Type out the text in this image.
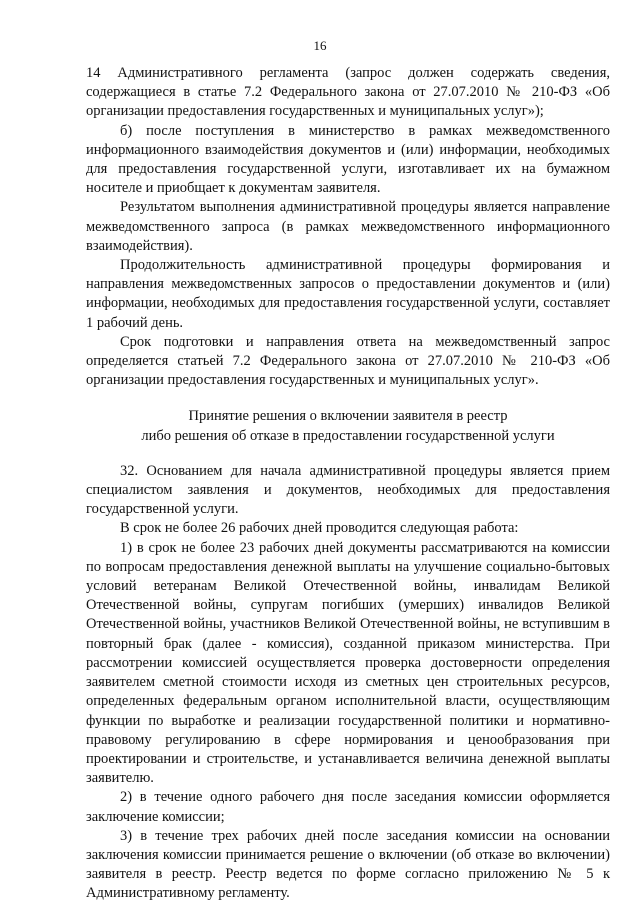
16

14 Административного регламента (запрос должен содержать сведения, содержащиеся в статье 7.2 Федерального закона от 27.07.2010 № 210-ФЗ «Об организации предоставления государственных и муниципальных услуг»);

б) после поступления в министерство в рамках межведомственного информационного взаимодействия документов и (или) информации, необходимых для предоставления государственной услуги, изготавливает их на бумажном носителе и приобщает к документам заявителя.

Результатом выполнения административной процедуры является направление межведомственного запроса (в рамках межведомственного информационного взаимодействия).

Продолжительность административной процедуры формирования и направления межведомственных запросов о предоставлении документов и (или) информации, необходимых для предоставления государственной услуги, составляет 1 рабочий день.

Срок подготовки и направления ответа на межведомственный запрос определяется статьей 7.2 Федерального закона от 27.07.2010 № 210-ФЗ «Об организации предоставления государственных и муниципальных услуг».

Принятие решения о включении заявителя в реестр

либо решения об отказе в предоставлении государственной услуги

32. Основанием для начала административной процедуры является прием специалистом заявления и документов, необходимых для предоставления государственной услуги.

В срок не более 26 рабочих дней проводится следующая работа:

1) в срок не более 23 рабочих дней документы рассматриваются на комиссии по вопросам предоставления денежной выплаты на улучшение социально-бытовых условий ветеранам Великой Отечественной войны, инвалидам Великой Отечественной войны, супругам погибших (умерших) инвалидов Великой Отечественной войны, участников Великой Отечественной войны, не вступившим в повторный брак (далее - комиссия), созданной приказом министерства. При рассмотрении комиссией осуществляется проверка достоверности определения заявителем сметной стоимости исходя из сметных цен строительных ресурсов, определенных федеральным органом исполнительной власти, осуществляющим функции по выработке и реализации государственной политики и нормативно-правовому регулированию в сфере нормирования и ценообразования при проектировании и строительстве, и устанавливается величина денежной выплаты заявителю.

2) в течение одного рабочего дня после заседания комиссии оформляется заключение комиссии;

3) в течение трех рабочих дней после заседания комиссии на основании заключения комиссии принимается решение о включении (об отказе во включении) заявителя в реестр. Реестр ведется по форме согласно приложению № 5 к Административному регламенту.
